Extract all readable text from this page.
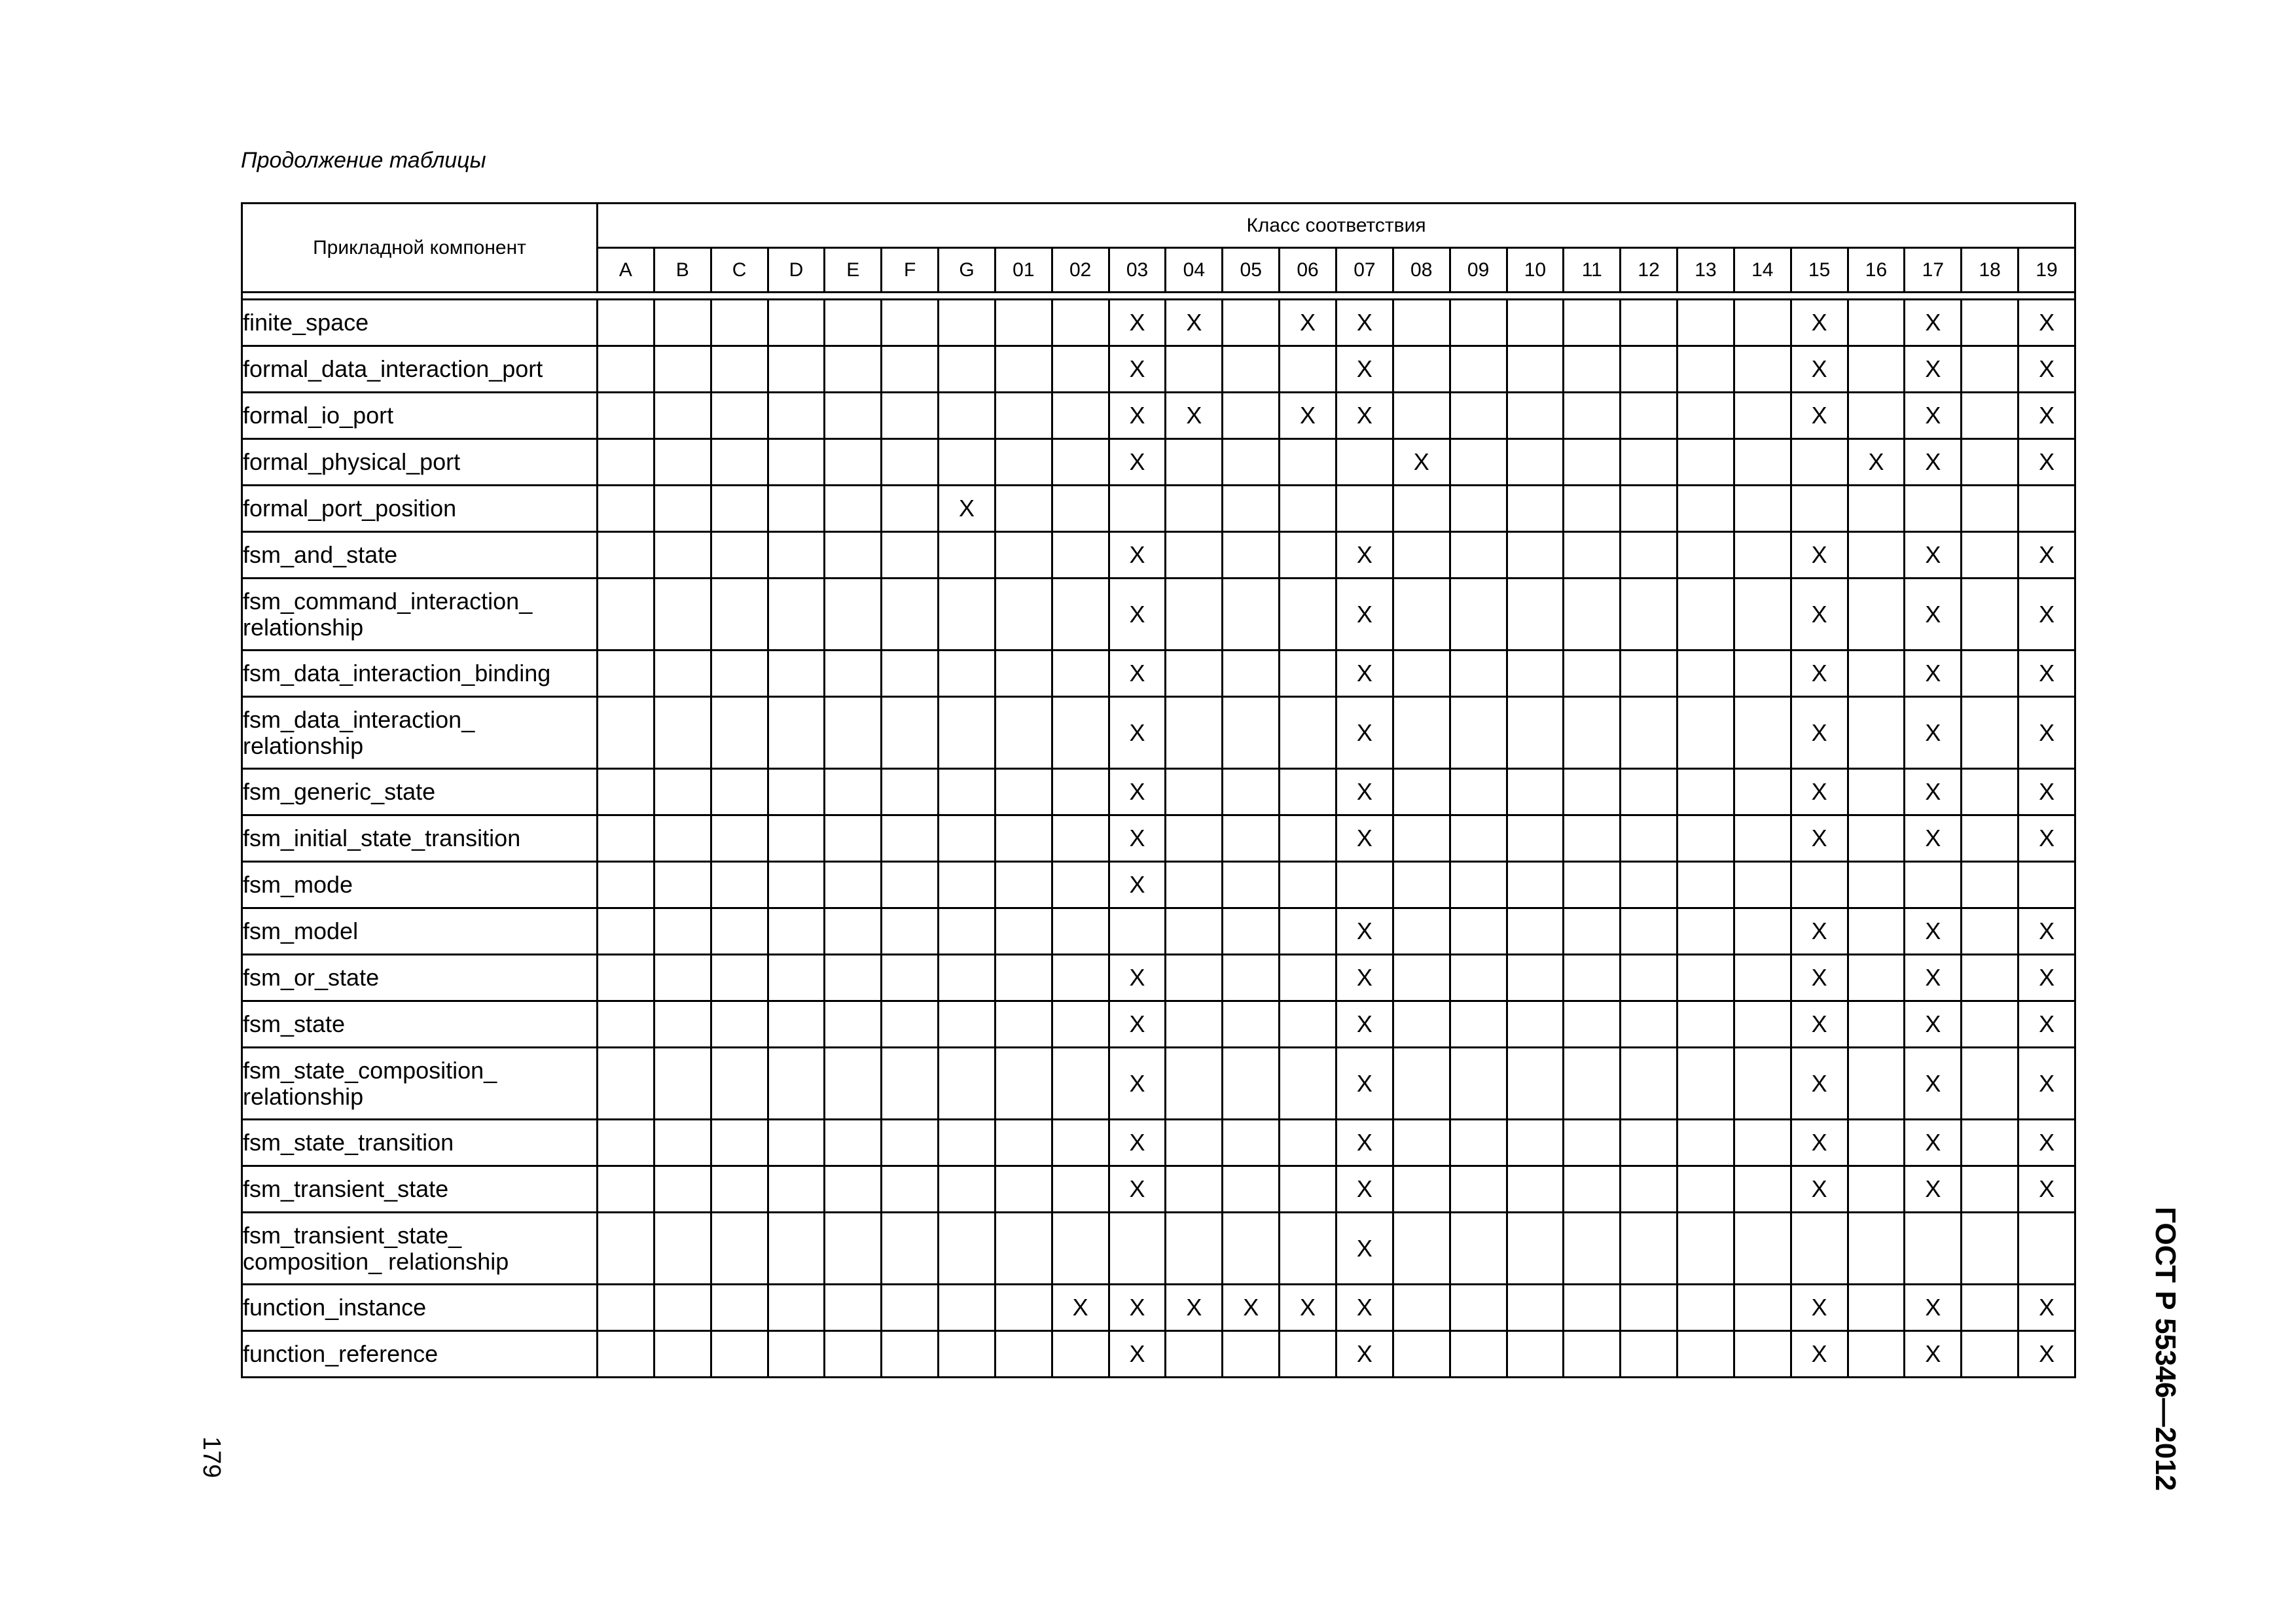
Продолжение таблицы
Прикладной компонент	Класс соответствия																									
	A	B	C	D	E	F	G	01	02	03	04	05	06	07	08	09	10	11	12	13	14	15	16	17	18	19

finite_space										X	X		X	X								X		X		X
formal_data_interaction_port										X				X								X		X		X
formal_io_port										X	X		X	X								X		X		X
formal_physical_port										X					X								X	X		X
formal_port_position							X																			
fsm_and_state										X				X								X		X		X
fsm_command_interaction_
relationship										X				X								X		X		X
fsm_data_interaction_binding										X				X								X		X		X
fsm_data_interaction_
relationship										X				X								X		X		X
fsm_generic_state										X				X								X		X		X
fsm_initial_state_transition										X				X								X		X		X
fsm_mode										X																
fsm_model														X								X		X		X
fsm_or_state										X				X								X		X		X
fsm_state										X				X								X		X		X
fsm_state_composition_
relationship										X				X								X		X		X
fsm_state_transition										X				X								X		X		X
fsm_transient_state										X				X								X		X		X
fsm_transient_state_
composition_ relationship														X												
function_instance									X	X	X	X	X	X								X		X		X
function_reference										X				X								X		X		X	ГОСТ Р 55346—2012
179
